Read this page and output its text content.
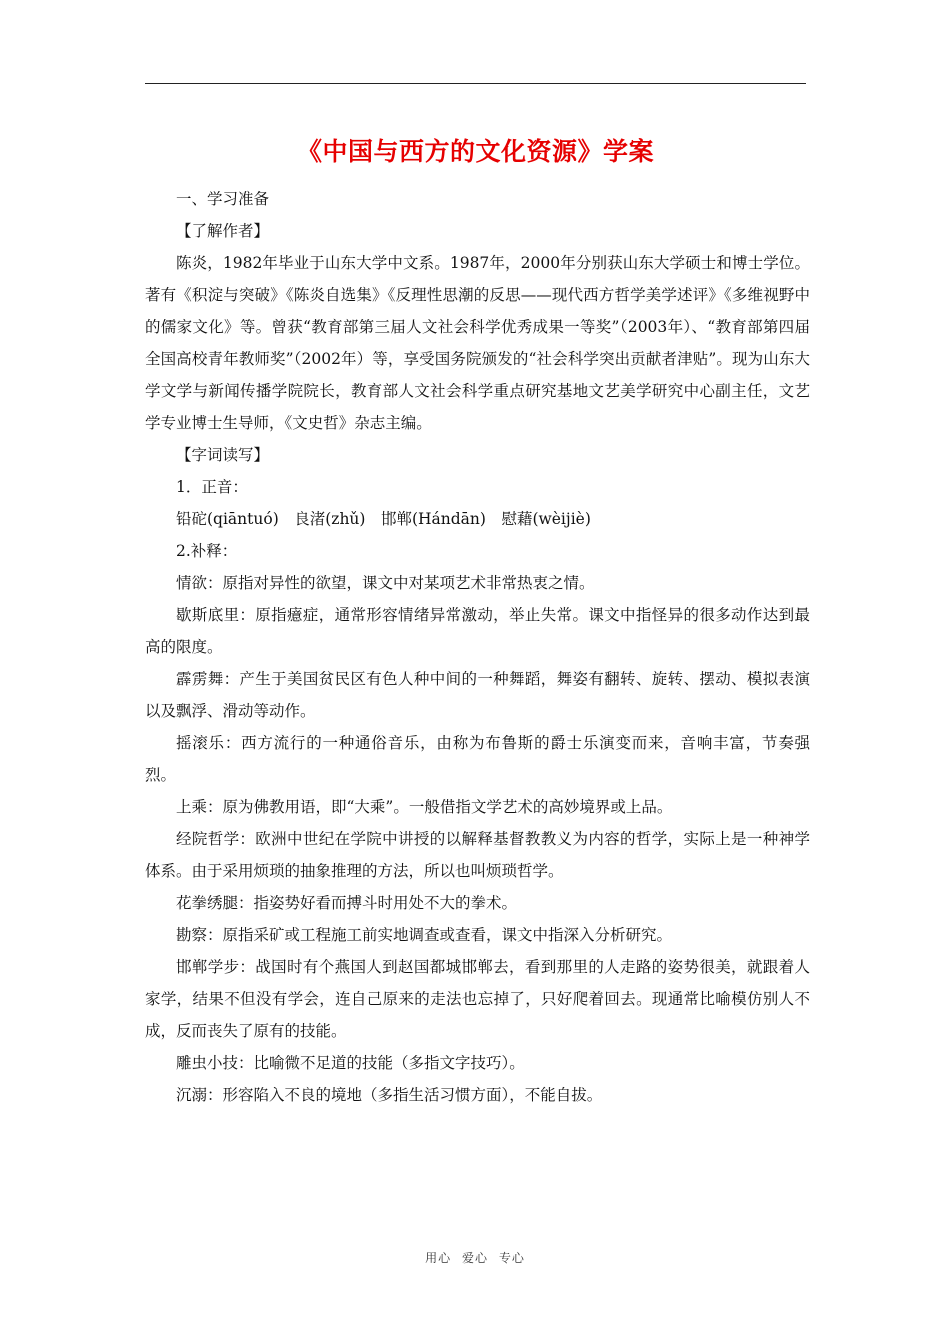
《中国与西方的文化资源》学案

一、学习准备

【了解作者】

陈炎，1982年毕业于山东大学中文系。1987年，2000年分别获山东大学硕士和博士学位。著有《积淀与突破》《陈炎自选集》《反理性思潮的反思——现代西方哲学美学述评》《多维视野中的儒家文化》等。曾获“教育部第三届人文社会科学优秀成果一等奖”（2003年）、“教育部第四届全国高校青年教师奖”（2002年）等，享受国务院颁发的“社会科学突出贡献者津贴”。现为山东大学文学与新闻传播学院院长，教育部人文社会科学重点研究基地文艺美学研究中心副主任，文艺学专业博士生导师，《文史哲》杂志主编。

【字词读写】

1．正音：

铅砣(qiāntuó)　良渚(zhǔ)　邯郸(Hándān)　慰藉(wèijiè)

2.补释：

情欲：原指对异性的欲望，课文中对某项艺术非常热衷之情。

歇斯底里：原指癔症，通常形容情绪异常激动，举止失常。课文中指怪异的很多动作达到最高的限度。

霹雳舞：产生于美国贫民区有色人种中间的一种舞蹈，舞姿有翻转、旋转、摆动、模拟表演以及飘浮、滑动等动作。

摇滚乐：西方流行的一种通俗音乐，由称为布鲁斯的爵士乐演变而来，音响丰富，节奏强烈。

上乘：原为佛教用语，即“大乘”。一般借指文学艺术的高妙境界或上品。

经院哲学：欧洲中世纪在学院中讲授的以解释基督教教义为内容的哲学，实际上是一种神学体系。由于采用烦琐的抽象推理的方法，所以也叫烦琐哲学。

花拳绣腿：指姿势好看而搏斗时用处不大的拳术。

勘察：原指采矿或工程施工前实地调查或查看，课文中指深入分析研究。

邯郸学步：战国时有个燕国人到赵国都城邯郸去，看到那里的人走路的姿势很美，就跟着人家学，结果不但没有学会，连自己原来的走法也忘掉了，只好爬着回去。现通常比喻模仿别人不成，反而丧失了原有的技能。

雕虫小技：比喻微不足道的技能（多指文字技巧）。

沉溺：形容陷入不良的境地（多指生活习惯方面），不能自拔。

用心 爱心 专心
